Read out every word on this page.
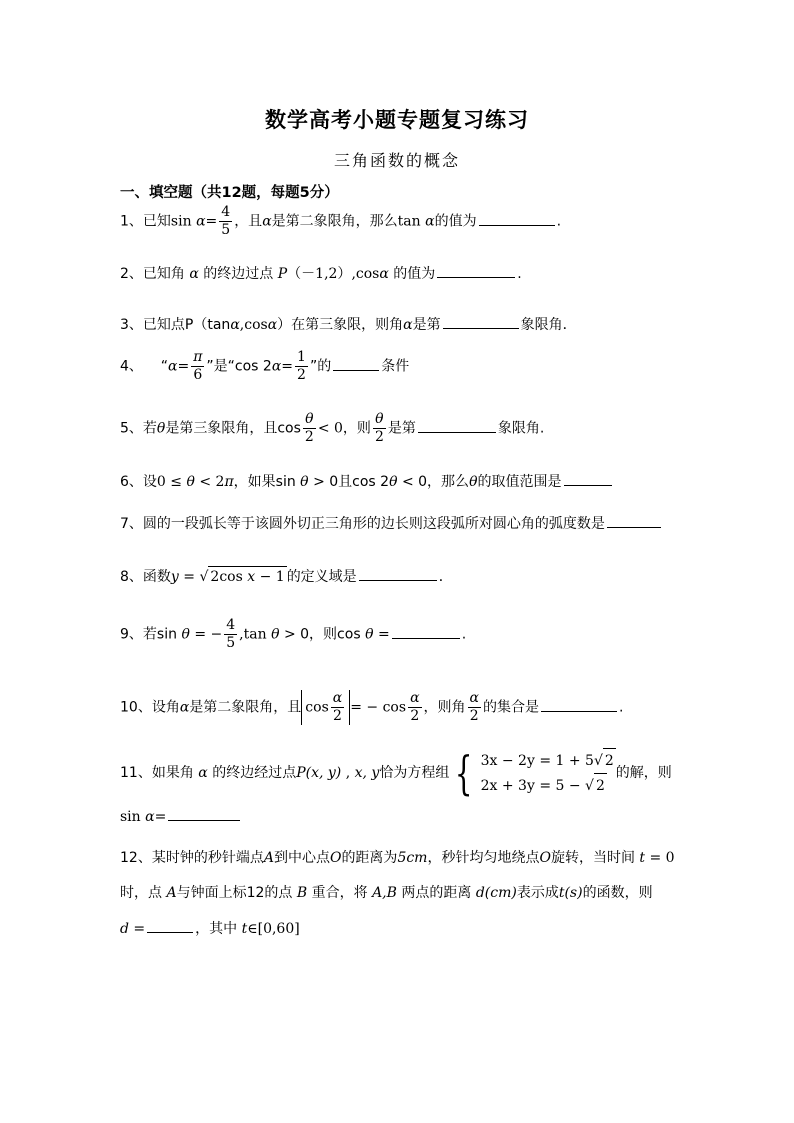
数学高考小题专题复习练习
三角函数的概念
一、填空题（共12题，每题5分）
1、已知$\sin \alpha= \frac{4}{5}$ ，且α是第二象限角，那么tan α的值为	.
2、已知角 α 的终边过点 P（－1,2）,cosα 的值为	.
3、已知点P（tanα,cosα）在第三象限，则角α是第	象限角．
4、 “$\alpha= \frac{\pi}{6}$ ”是“cos $2\alpha= \frac{1}{2}$ ”的	条件
5、若θ是第三象限角，且$\cos \frac{\theta}{2} < 0$，则 $\frac{\theta}{2}$ 是第	象限角.
6、设0 ≤ θ < 2π，如果sin θ > 0且cos 2θ < 0，那么θ的取值范围是
7、圆的一段弧长等于该圆外切正三角形的边长则这段弧所对圆心角的弧度数是
8、函数y = √ 2cos x − 1 的定义域是	．
9、若sin θ = − $\frac{4}{5} ,\tan$ θ > 0，则cos θ =	.
10、设角α是第二象限角，且 $\cos \frac{\alpha}{2}$ = − $\cos \frac{\alpha}{2}$ ，则角 $\frac{\alpha}{2}$ 的集合是	.
11、如果角 α 的终边经过点P(x, y) , x, y恰为方程组 { 3x − 2y = 1 + 5√ 2
2x + 3y = 5 − √ 2
的解，则
sin α=
12、某时钟的秒针端点A到中心点O的距离为5cm，秒针均匀地绕点O旋转，当时间 t = 0
时，点 A与钟面上标12的点 B 重合，将 A,B 两点的距离 d(cm)表示成t(s)的函数，则
d =	，其中 t∈[0,60]
